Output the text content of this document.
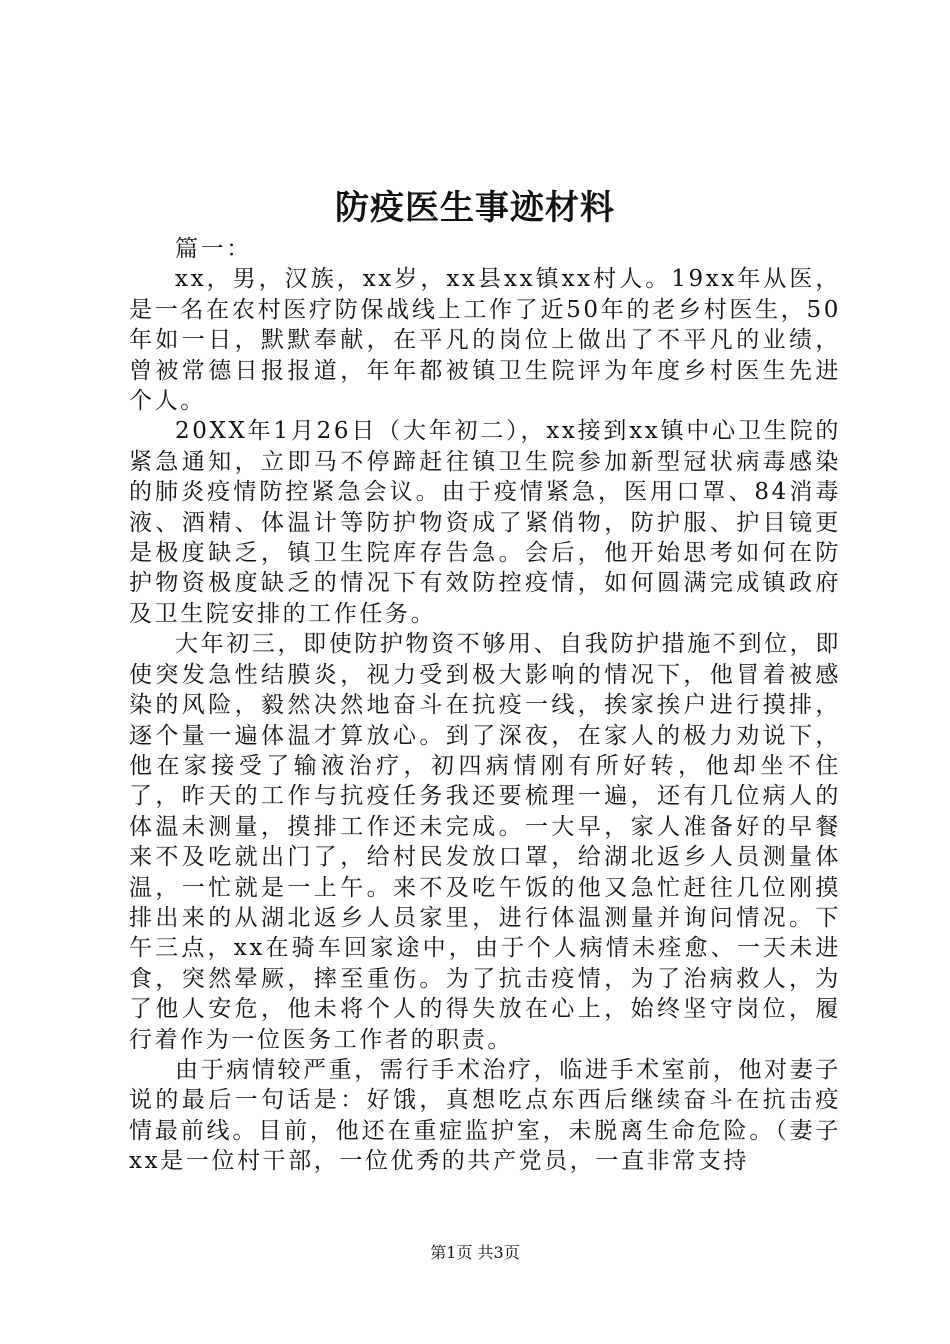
防疫医生事迹材料

篇一：

xx，男，汉族，xx岁，xx县xx镇xx村人。19xx年从医，是一名在农村医疗防保战线上工作了近50年的老乡村医生，50年如一日，默默奉献，在平凡的岗位上做出了不平凡的业绩，曾被常德日报报道，年年都被镇卫生院评为年度乡村医生先进个人。

20XX年1月26日（大年初二），xx接到xx镇中心卫生院的紧急通知，立即马不停蹄赶往镇卫生院参加新型冠状病毒感染的肺炎疫情防控紧急会议。由于疫情紧急，医用口罩、84消毒液、酒精、体温计等防护物资成了紧俏物，防护服、护目镜更是极度缺乏，镇卫生院库存告急。会后，他开始思考如何在防护物资极度缺乏的情况下有效防控疫情，如何圆满完成镇政府及卫生院安排的工作任务。

大年初三，即使防护物资不够用、自我防护措施不到位，即使突发急性结膜炎，视力受到极大影响的情况下，他冒着被感染的风险，毅然决然地奋斗在抗疫一线，挨家挨户进行摸排，逐个量一遍体温才算放心。到了深夜，在家人的极力劝说下，他在家接受了输液治疗，初四病情刚有所好转，他却坐不住了，昨天的工作与抗疫任务我还要梳理一遍，还有几位病人的体温未测量，摸排工作还未完成。一大早，家人准备好的早餐来不及吃就出门了，给村民发放口罩，给湖北返乡人员测量体温，一忙就是一上午。来不及吃午饭的他又急忙赶往几位刚摸排出来的从湖北返乡人员家里，进行体温测量并询问情况。下午三点，xx在骑车回家途中，由于个人病情未痊愈、一天未进食，突然晕厥，摔至重伤。为了抗击疫情，为了治病救人，为了他人安危，他未将个人的得失放在心上，始终坚守岗位，履行着作为一位医务工作者的职责。

由于病情较严重，需行手术治疗，临进手术室前，他对妻子说的最后一句话是：好饿，真想吃点东西后继续奋斗在抗击疫情最前线。目前，他还在重症监护室，未脱离生命危险。（妻子xx是一位村干部，一位优秀的共产党员，一直非常支持

第1页 共3页
